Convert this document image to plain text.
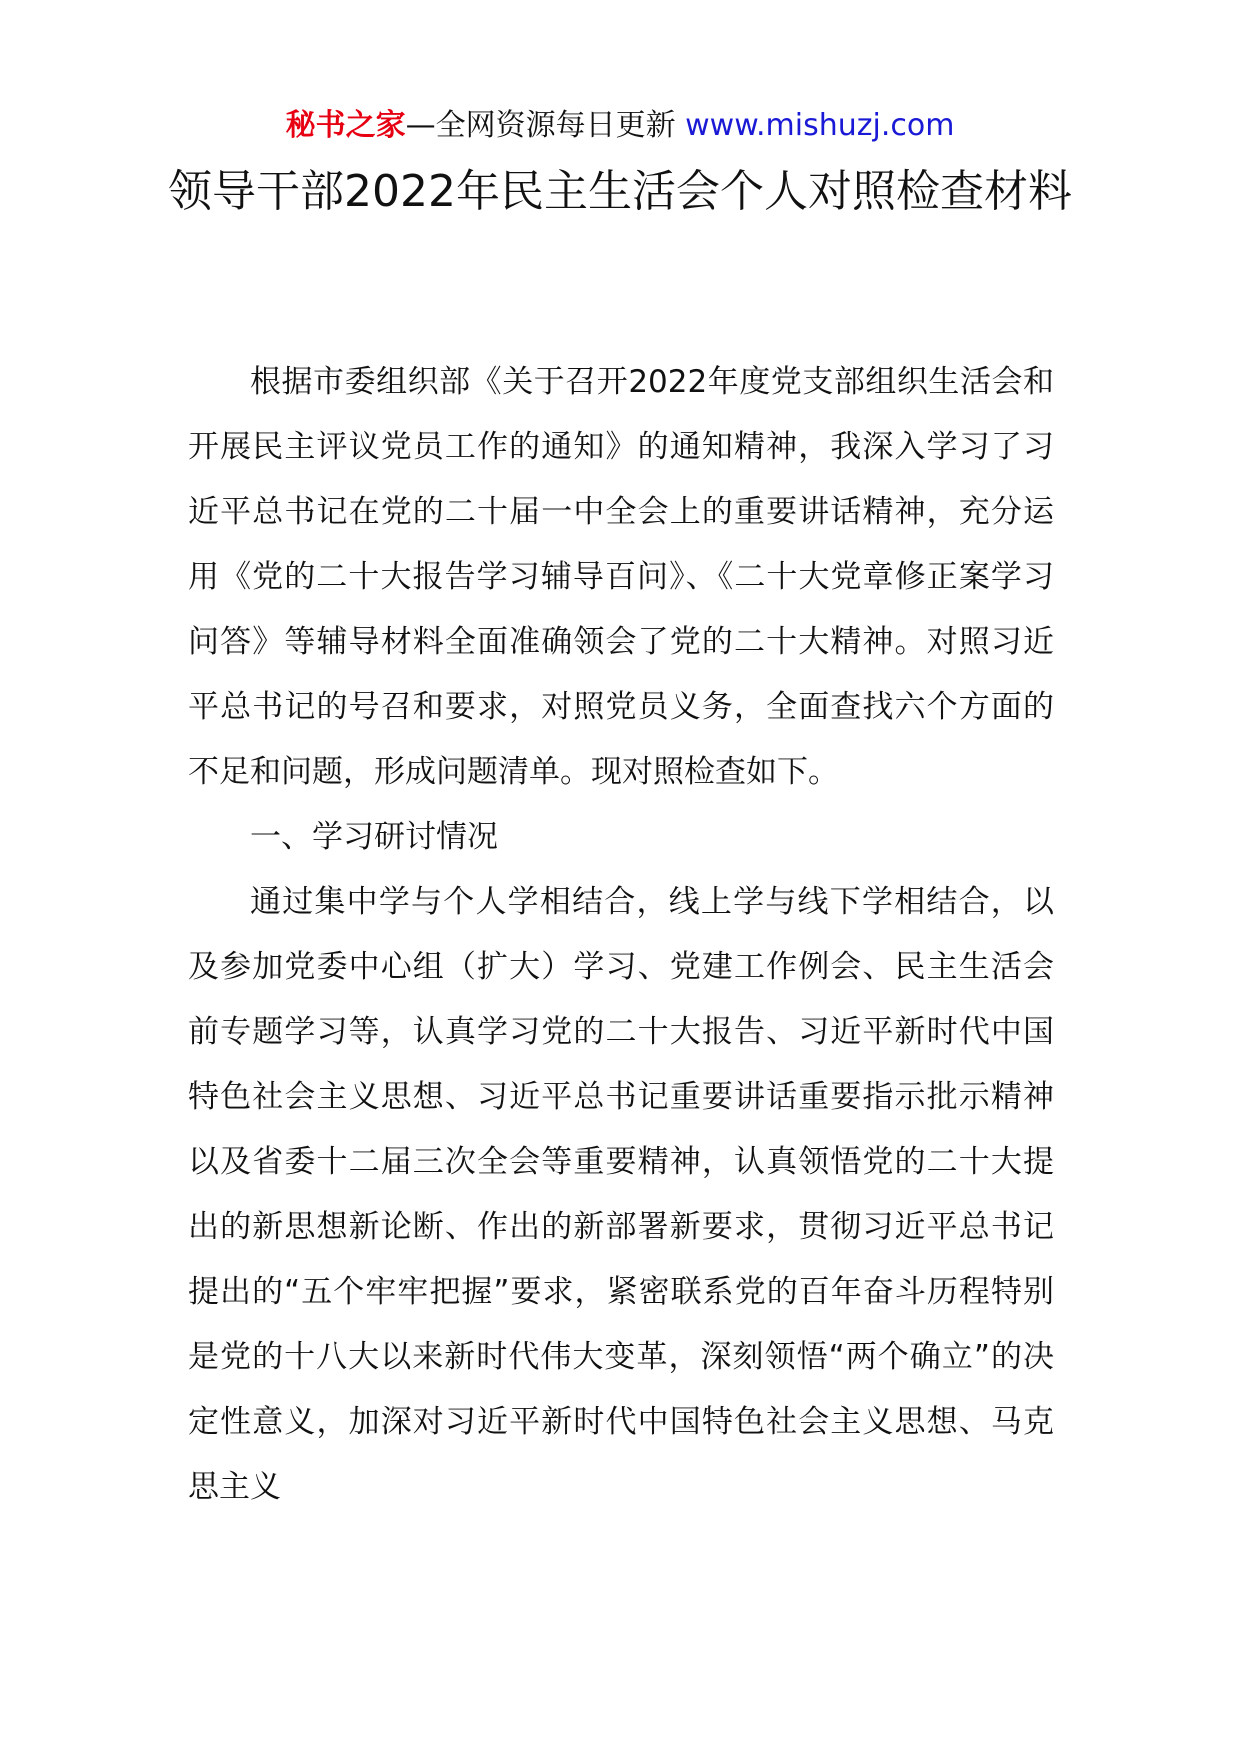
秘书之家—全网资源每日更新 www.mishuzj.com
领导干部2022年民主生活会个人对照检查材料

根据市委组织部《关于召开2022年度党支部组织生活会和开展民主评议党员工作的通知》的通知精神，我深入学习了习近平总书记在党的二十届一中全会上的重要讲话精神，充分运用《党的二十大报告学习辅导百问》、《二十大党章修正案学习问答》等辅导材料全面准确领会了党的二十大精神。对照习近平总书记的号召和要求，对照党员义务，全面查找六个方面的不足和问题，形成问题清单。现对照检查如下。

一、学习研讨情况

通过集中学与个人学相结合，线上学与线下学相结合，以及参加党委中心组（扩大）学习、党建工作例会、民主生活会前专题学习等，认真学习党的二十大报告、习近平新时代中国特色社会主义思想、习近平总书记重要讲话重要指示批示精神以及省委十二届三次全会等重要精神，认真领悟党的二十大提出的新思想新论断、作出的新部署新要求，贯彻习近平总书记提出的“五个牢牢把握”要求，紧密联系党的百年奋斗历程特别是党的十八大以来新时代伟大变革，深刻领悟“两个确立”的决定性意义，加深对习近平新时代中国特色社会主义思想、马克思主义
